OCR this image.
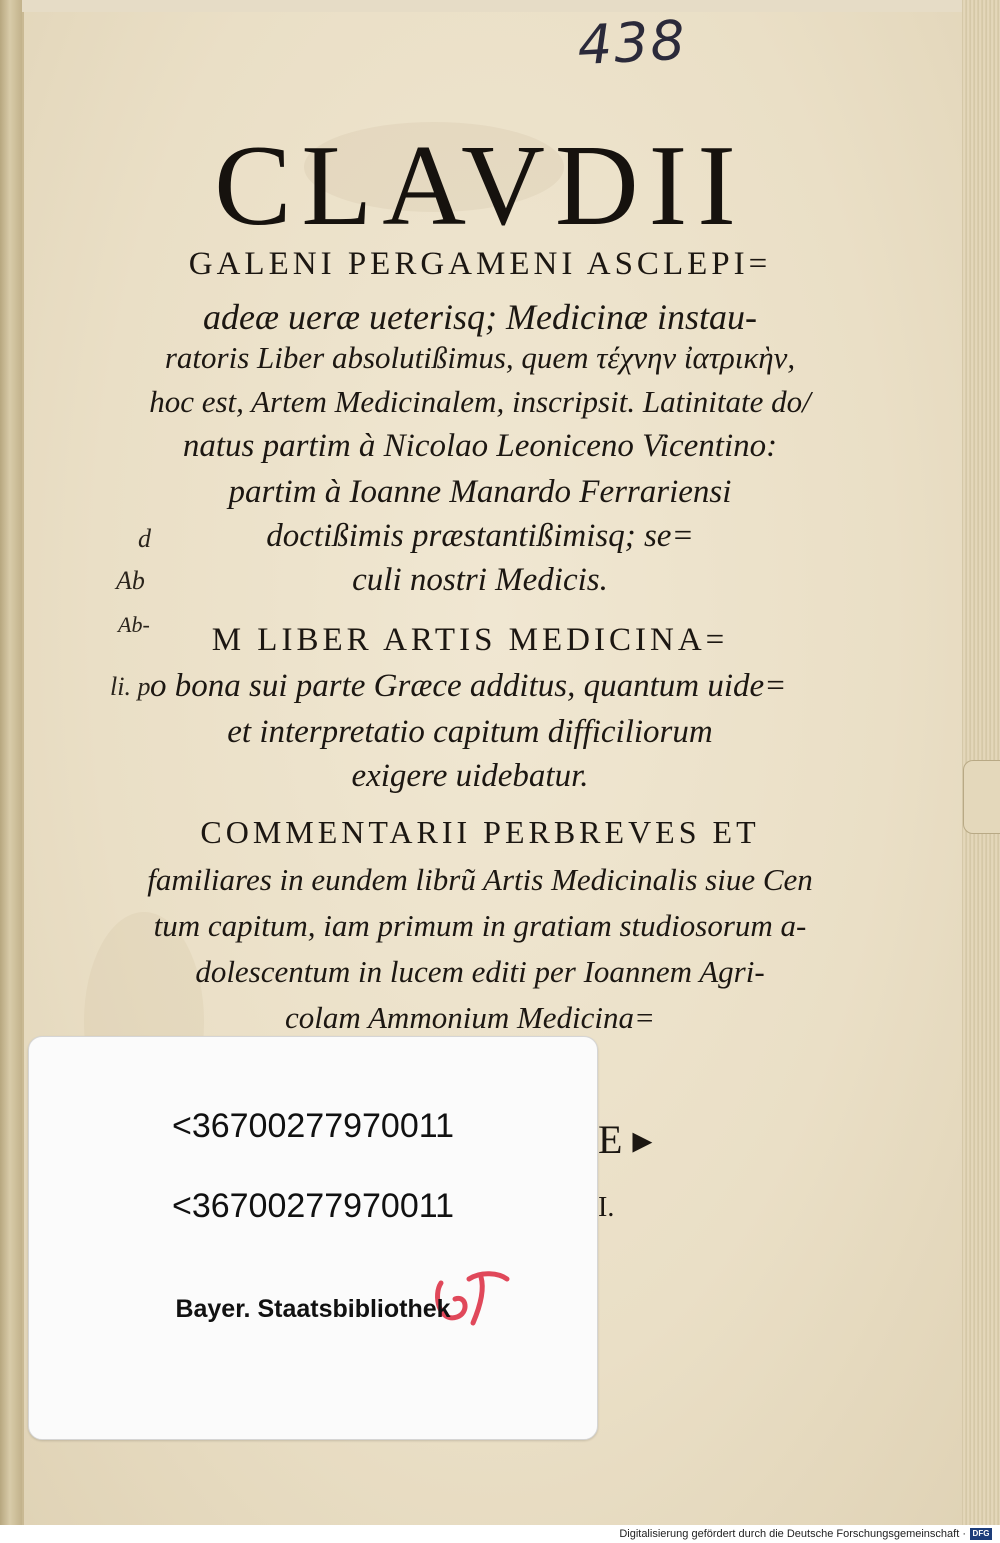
438
CLAVDII
GALENI PERGAMENI ASCLEPI=
adeæ ueræ ueterisq; Medicinæ instau-
ratoris Liber absolutißimus, quem τέχνην ἰατρικὴν,
hoc est, Artem Medicinalem, inscripsit. Latinitate do/
natus partim à Nicolao Leoniceno Vicentino:
partim à Ioanne Manardo Ferrariensi
doctißimis præstantißimisq; se=
culi nostri Medicis.
M LIBER ARTIS MEDICINA=
o bona sui parte Græce additus, quantum uide=
et interpretatio capitum difficiliorum
exigere uidebatur.
COMMENTARII PERBREVES ET
familiares in eundem librũ Artis Medicinalis siue Cen
tum capitum, iam primum in gratiam studiosorum a-
dolescentum in lucem editi per Ioannem Agri-
colam Ammonium Medicina=
d
Ab
Ab-
li. p
E ▸
I.
<36700277970011
<36700277970011
Bayer. Staatsbibliothek
Digitalisierung gefördert durch die Deutsche Forschungsgemeinschaft · DFG
